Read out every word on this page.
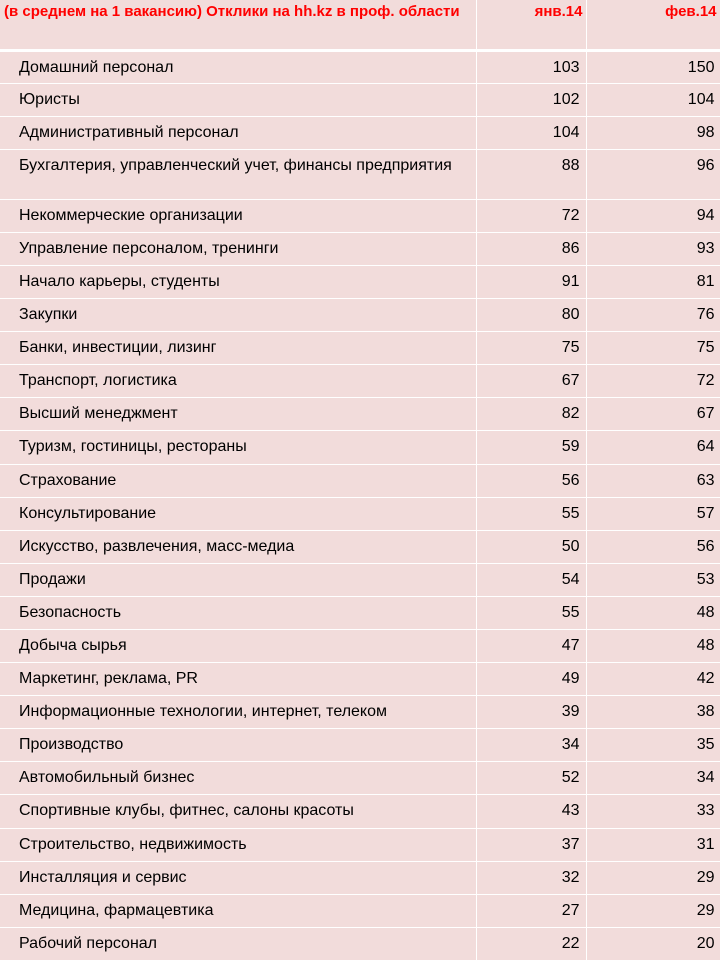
(в среднем на 1 вакансию) Отклики на hh.kz в проф. области	янв.14	фев.14
Домашний персонал	103	150
Юристы	102	104
Административный персонал	104	98
Бухгалтерия, управленческий учет, финансы предприятия	88	96
Некоммерческие организации	72	94
Управление персоналом, тренинги	86	93
Начало карьеры, студенты	91	81
Закупки	80	76
Банки, инвестиции, лизинг	75	75
Транспорт, логистика	67	72
Высший менеджмент	82	67
Туризм, гостиницы, рестораны	59	64
Страхование	56	63
Консультирование	55	57
Искусство, развлечения, масс-медиа	50	56
Продажи	54	53
Безопасность	55	48
Добыча сырья	47	48
Маркетинг, реклама, PR	49	42
Информационные технологии, интернет, телеком	39	38
Производство	34	35
Автомобильный бизнес	52	34
Спортивные клубы, фитнес, салоны красоты	43	33
Строительство, недвижимость	37	31
Инсталляция и сервис	32	29
Медицина, фармацевтика	27	29
Рабочий персонал	22	20
